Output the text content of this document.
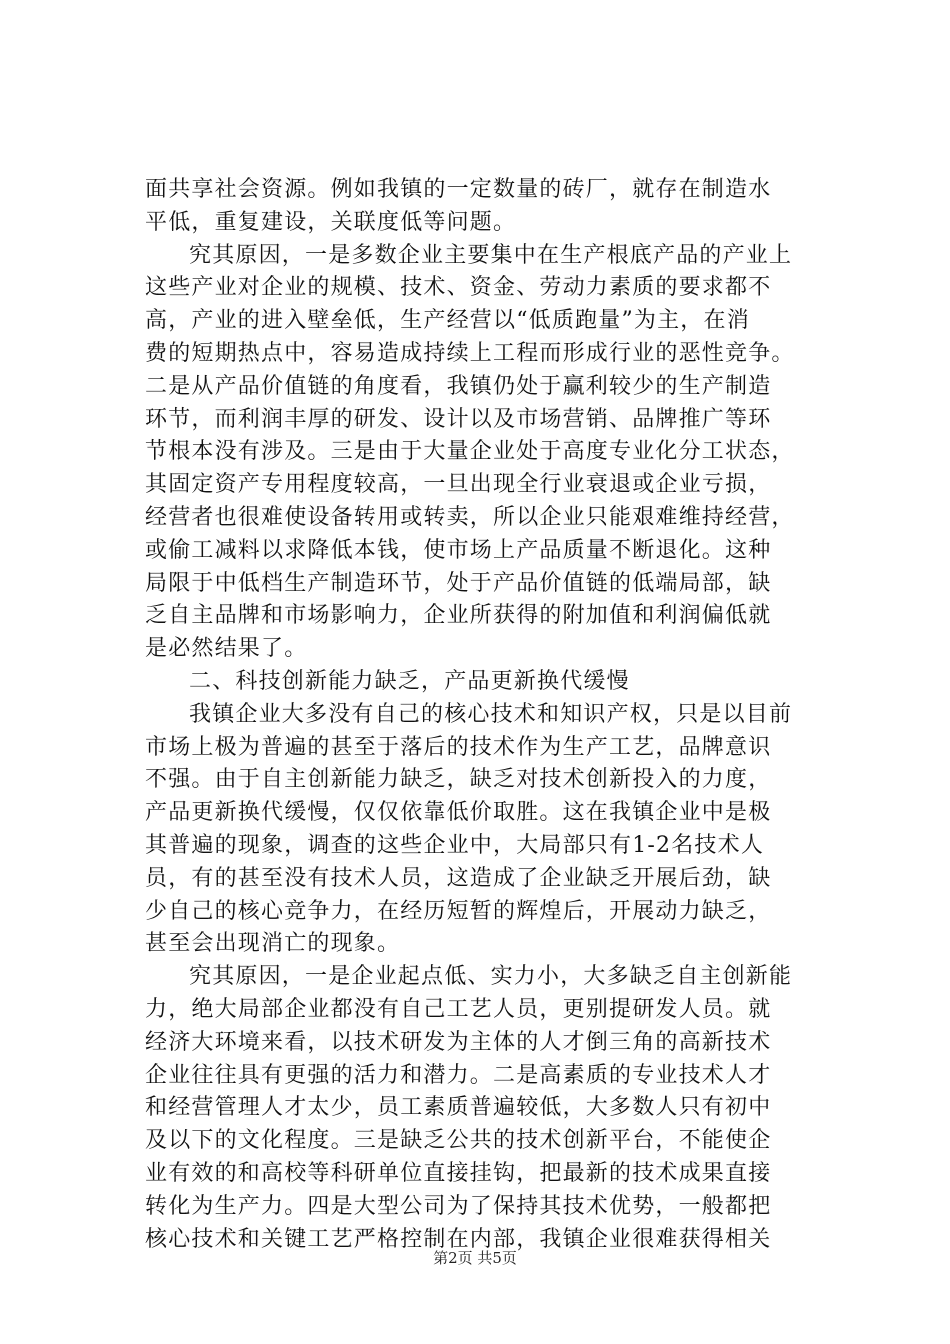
面共享社会资源。例如我镇的一定数量的砖厂，就存在制造水
平低，重复建设，关联度低等问题。
究其原因，一是多数企业主要集中在生产根底产品的产业上
这些产业对企业的规模、技术、资金、劳动力素质的要求都不
高，产业的进入壁垒低，生产经营以“低质跑量”为主，在消
费的短期热点中，容易造成持续上工程而形成行业的恶性竞争。
二是从产品价值链的角度看，我镇仍处于赢利较少的生产制造
环节，而利润丰厚的研发、设计以及市场营销、品牌推广等环
节根本没有涉及。三是由于大量企业处于高度专业化分工状态，
其固定资产专用程度较高，一旦出现全行业衰退或企业亏损，
经营者也很难使设备转用或转卖，所以企业只能艰难维持经营，
或偷工减料以求降低本钱，使市场上产品质量不断退化。这种
局限于中低档生产制造环节，处于产品价值链的低端局部，缺
乏自主品牌和市场影响力，企业所获得的附加值和利润偏低就
是必然结果了。
二、科技创新能力缺乏，产品更新换代缓慢
我镇企业大多没有自己的核心技术和知识产权，只是以目前
市场上极为普遍的甚至于落后的技术作为生产工艺，品牌意识
不强。由于自主创新能力缺乏，缺乏对技术创新投入的力度，
产品更新换代缓慢，仅仅依靠低价取胜。这在我镇企业中是极
其普遍的现象，调查的这些企业中，大局部只有1-2名技术人
员，有的甚至没有技术人员，这造成了企业缺乏开展后劲，缺
少自己的核心竞争力，在经历短暂的辉煌后，开展动力缺乏，
甚至会出现消亡的现象。
究其原因，一是企业起点低、实力小，大多缺乏自主创新能
力，绝大局部企业都没有自己工艺人员，更别提研发人员。就
经济大环境来看，以技术研发为主体的人才倒三角的高新技术
企业往往具有更强的活力和潜力。二是高素质的专业技术人才
和经营管理人才太少，员工素质普遍较低，大多数人只有初中
及以下的文化程度。三是缺乏公共的技术创新平台，不能使企
业有效的和高校等科研单位直接挂钩，把最新的技术成果直接
转化为生产力。四是大型公司为了保持其技术优势，一般都把
核心技术和关键工艺严格控制在内部，我镇企业很难获得相关
第2页 共5页
